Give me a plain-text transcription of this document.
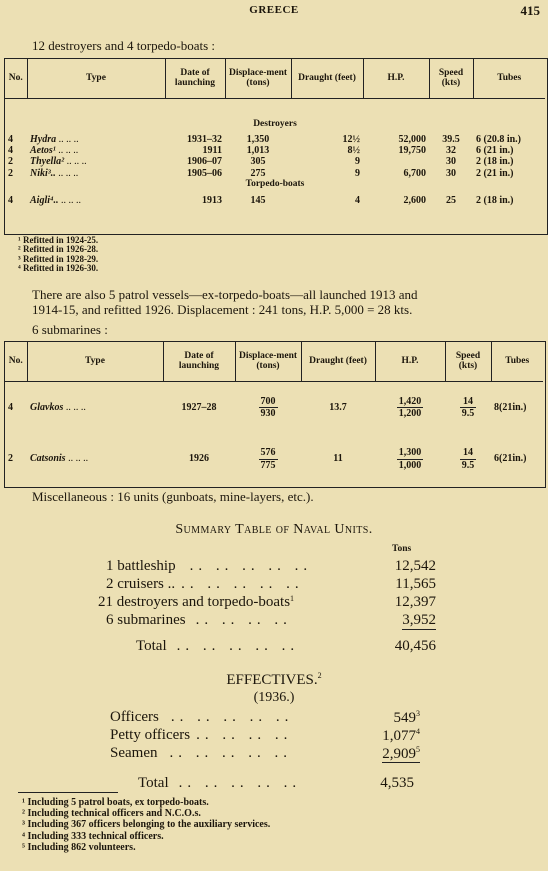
GREECE	415
12 destroyers and 4 torpedo-boats :
No.	Type	Date of launching	Displace-ment (tons)	Draught (feet)	H.P.	Speed (kts)	Tubes
Destroyers							
4	Hydra .. .. ..	1931–32	1,350	12½	52,000	39.5	6 (20.8 in.)
4	Aetos¹ .. .. ..	1911	1,013	8½	19,750	32	6 (21 in.)
2	Thyella² .. .. ..	1906–07	305	9		30	2 (18 in.)
2	Niki³.. .. .. ..	1905–06	275	9	6,700	30	2 (21 in.)
Torpedo-boats							
4	Aigli⁴.. .. .. ..	1913	145	4	2,600	25	2 (18 in.)
¹ Refitted in 1924-25.
² Refitted in 1926-28.
³ Refitted in 1928-29.
⁴ Refitted in 1926-30.
There are also 5 patrol vessels—ex-torpedo-boats—all launched 1913 and
1914-15, and refitted 1926. Displacement : 241 tons, H.P. 5,000 = 28 kts.
6 submarines :
No.	Type	Date of launching	Displace-ment (tons)	Draught (feet)	H.P.	Speed (kts)	Tubes
4	Glavkos .. .. ..	1927–28	$\frac{700}{930}$	13.7	$\frac{1,420}{1,200}$	$\frac{14}{9.5}$	8(21in.)
2	Catsonis .. .. ..	1926	$\frac{576}{775}$	11	$\frac{1,300}{1,000}$	$\frac{14}{9.5}$	6(21in.)
Miscellaneous : 16 units (gunboats, mine-layers, etc.).
Summary Table of Naval Units.
Tons
1 battleship .. .. .. .. ..	12,542
2 cruisers .. .. .. .. .. ..	11,565
21 destroyers and torpedo-boats 1	12,397
6 submarines .. .. .. ..	3,952
Total .. .. .. .. ..	40,456
EFFECTIVES.$^2$
(1936.)
Officers .. .. .. .. ..	$549^3$
Petty officers .. .. .. ..	1,077$^4$
Seamen .. .. .. .. ..	2,909$^5$
Total .. .. .. .. ..	4,535
¹ Including 5 patrol boats, ex torpedo-boats.
² Including technical officers and N.C.O.s.
³ Including 367 officers belonging to the auxiliary services.
⁴ Including 333 technical officers.
⁵ Including 862 volunteers.
